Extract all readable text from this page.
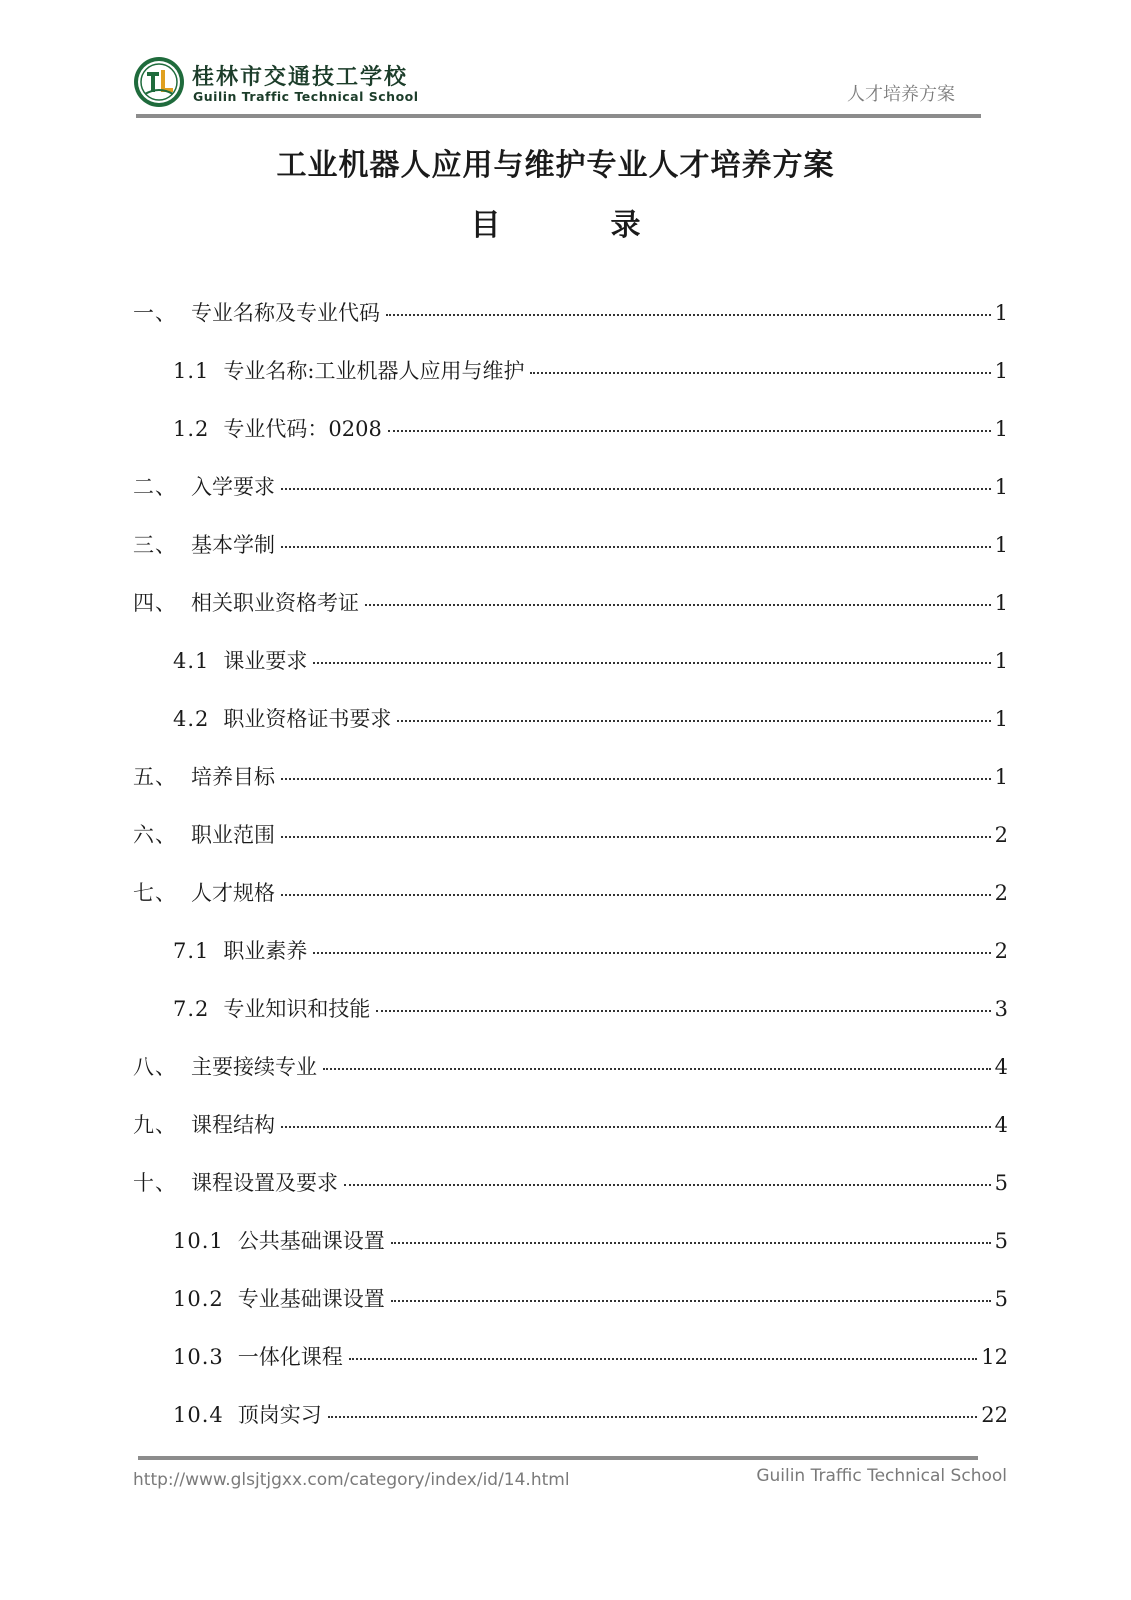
桂林市交通技工学校
Guilin Traffic Technical School	人才培养方案
工业机器人应用与维护专业人才培养方案
目　录
一、 专业名称及专业代码	1
1.1 专业名称:工业机器人应用与维护	1
1.2 专业代码：0208	1
二、 入学要求	1
三、 基本学制	1
四、 相关职业资格考证	1
4.1 课业要求	1
4.2 职业资格证书要求	1
五、 培养目标	1
六、 职业范围	2
七、 人才规格	2
7.1 职业素养	2
7.2 专业知识和技能	3
八、 主要接续专业	4
九、 课程结构	4
十、 课程设置及要求	5
10.1 公共基础课设置	5
10.2 专业基础课设置	5
10.3 一体化课程	12
10.4 顶岗实习	22
http://www.glsjtjgxx.com/category/index/id/14.html	Guilin Traffic Technical School
